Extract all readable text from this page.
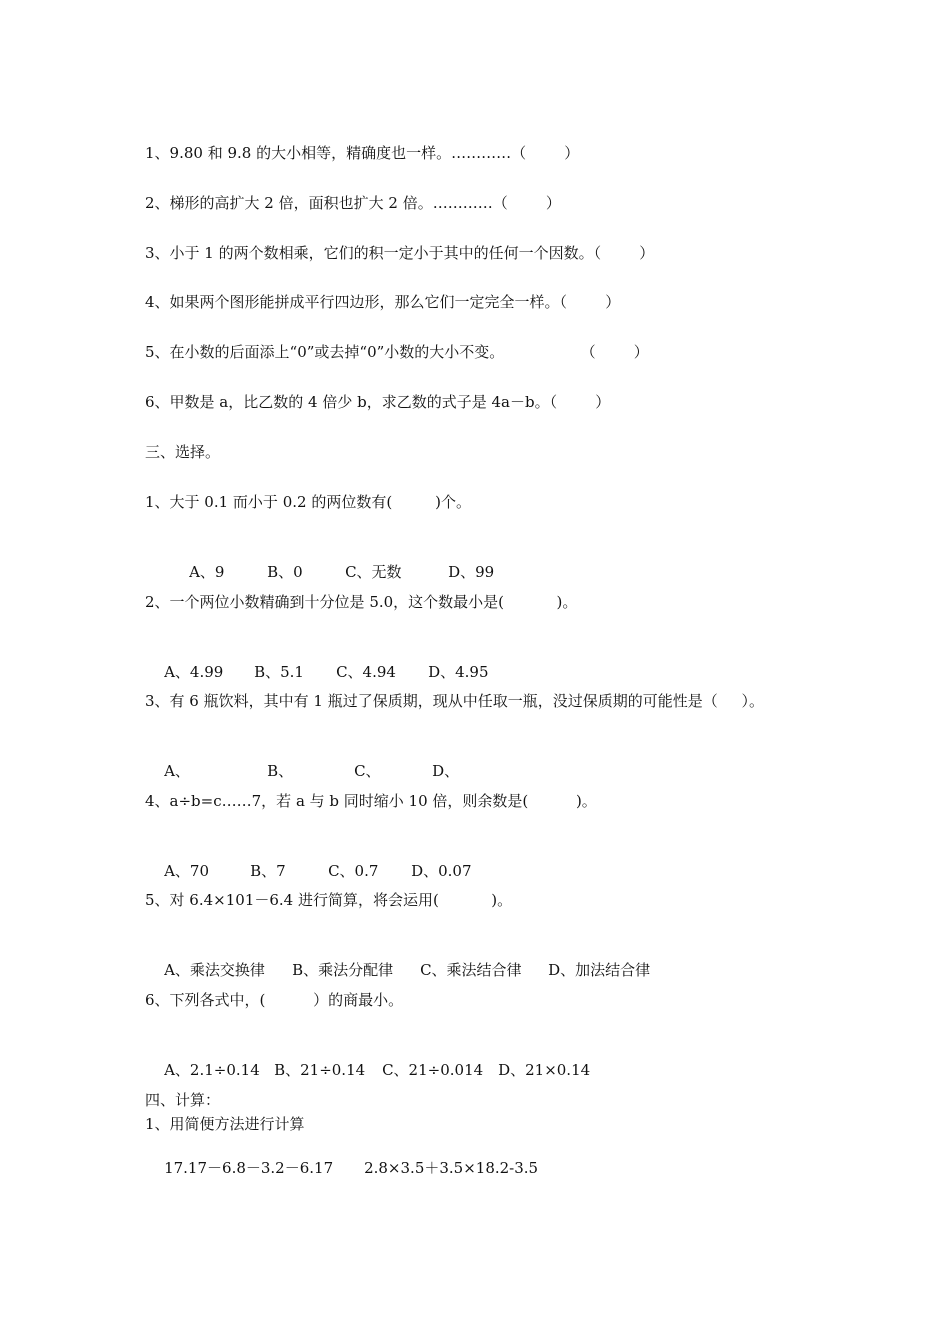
1、9.80 和 9.8 的大小相等，精确度也一样。…………（        ）
2、梯形的高扩大 2 倍，面积也扩大 2 倍。…………（        ）
3、小于 1 的两个数相乘，它们的积一定小于其中的任何一个因数。（        ）
4、如果两个图形能拼成平行四边形，那么它们一定完全一样。（        ）
5、在小数的后面添上“0”或去掉“0”小数的大小不变。                （        ）
6、甲数是 a，比乙数的 4 倍少 b，求乙数的式子是 4a－b。（        ）
三、选择。
1、大于 0.1 而小于 0.2 的两位数有(         )个。

A、9	B、0	C、无数	D、99

2、一个两位小数精确到十分位是 5.0，这个数最小是(           )。

A、4.99 B、5.1 C、4.94 D、4.95

3、有 6 瓶饮料，其中有 1 瓶过了保质期，现从中任取一瓶，没过保质期的可能性是（     ）。

A、	B、	C、	D、

4、a÷b=c……7，若 a 与 b 同时缩小 10 倍，则余数是(          )。

A、70	B、7	C、0.7 D、0.07

5、对 6.4×101－6.4 进行简算，将会运用(           )。

A、乘法交换律 B、乘法分配律 C、乘法结合律 D、加法结合律

6、下列各式中，(          ）的商最小。

A、2.1÷0.14 B、21÷0.14 C、21÷0.014 D、21×0.14

四、计算：
1、用简便方法进行计算

17.17－6.8－3.2－6.17 2.8×3.5＋3.5×18.2-3.5
